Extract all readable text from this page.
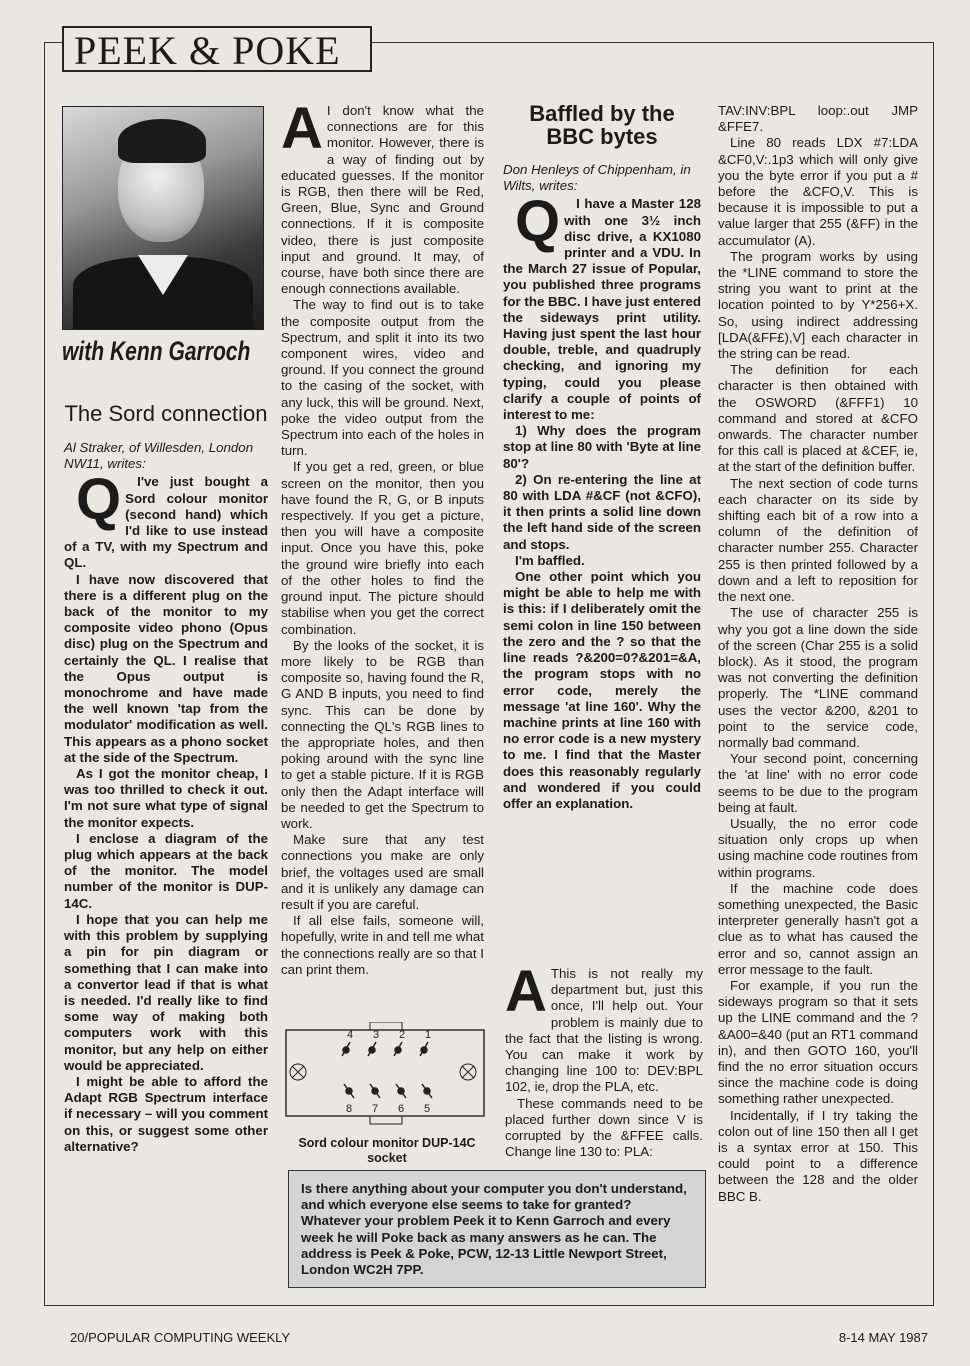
PEEK & POKE
with Kenn Garroch
The Sord connection

Al Straker, of Willesden, London NW11, writes:

Q I've just bought a Sord colour monitor (second hand) which I'd like to use instead of a TV, with my Spectrum and QL.

I have now discovered that there is a different plug on the back of the monitor to my composite video phono (Opus disc) plug on the Spectrum and certainly the QL. I realise that the Opus output is monochrome and have made the well known 'tap from the modulator' modification as well. This appears as a phono socket at the side of the Spectrum.

As I got the monitor cheap, I was too thrilled to check it out. I'm not sure what type of signal the monitor expects.

I enclose a diagram of the plug which appears at the back of the monitor. The model number of the monitor is DUP-14C.

I hope that you can help me with this problem by supplying a pin for pin diagram or something that I can make into a convertor lead if that is what is needed. I'd really like to find some way of making both computers work with this monitor, but any help on either would be appreciated.

I might be able to afford the Adapt RGB Spectrum interface if necessary – will you comment on this, or suggest some other alternative?

A I don't know what the connections are for this monitor. However, there is a way of finding out by educated guesses. If the monitor is RGB, then there will be Red, Green, Blue, Sync and Ground connections. If it is composite video, there is just composite input and ground. It may, of course, have both since there are enough connections available.

The way to find out is to take the composite output from the Spectrum, and split it into its two component wires, video and ground. If you connect the ground to the casing of the socket, with any luck, this will be ground. Next, poke the video output from the Spectrum into each of the holes in turn.

If you get a red, green, or blue screen on the monitor, then you have found the R, G, or B inputs respectively. If you get a picture, then you will have a composite input. Once you have this, poke the ground wire briefly into each of the other holes to find the ground input. The picture should stabilise when you get the correct combination.

By the looks of the socket, it is more likely to be RGB than composite so, having found the R, G AND B inputs, you need to find sync. This can be done by connecting the QL's RGB lines to the appropriate holes, and then poking around with the sync line to get a stable picture. If it is RGB only then the Adapt interface will be needed to get the Spectrum to work.

Make sure that any test connections you make are only brief, the voltages used are small and it is unlikely any damage can result if you are careful.

If all else fails, someone will, hopefully, write in and tell me what the connections really are so that I can print them.

4 3 2 1
8 7 6 5
Sord colour monitor DUP-14C socket
Baffled by the BBC bytes

Don Henleys of Chippenham, in Wilts, writes:

Q I have a Master 128 with one 3½ inch disc drive, a KX1080 printer and a VDU. In the March 27 issue of Popular, you published three programs for the BBC. I have just entered the sideways print utility. Having just spent the last hour double, treble, and quadruply checking, and ignoring my typing, could you please clarify a couple of points of interest to me:

1) Why does the program stop at line 80 with 'Byte at line 80'?

2) On re-entering the line at 80 with LDA #&CF (not &CFO), it then prints a solid line down the left hand side of the screen and stops.

I'm baffled.

One other point which you might be able to help me with is this: if I deliberately omit the semi colon in line 150 between the zero and the ? so that the line reads ?&200=0?&201=&A, the program stops with no error code, merely the message 'at line 160'. Why the machine prints at line 160 with no error code is a new mystery to me. I find that the Master does this reasonably regularly and wondered if you could offer an explanation.

A This is not really my department but, just this once, I'll help out. Your problem is mainly due to the fact that the listing is wrong. You can make it work by changing line 100 to: DEV:BPL 102, ie, drop the PLA, etc.

These commands need to be placed further down since V is corrupted by the &FFEE calls. Change line 130 to: PLA:

TAV:INV:BPL loop:.out JMP &FFE7.

Line 80 reads LDX #7:LDA &CF0,V:.1p3 which will only give you the byte error if you put a # before the &CFO,V. This is because it is impossible to put a value larger that 255 (&FF) in the accumulator (A).

The program works by using the *LINE command to store the string you want to print at the location pointed to by Y*256+X. So, using indirect addressing [LDA(&FF£),V] each character in the string can be read.

The definition for each character is then obtained with the OSWORD (&FFF1) 10 command and stored at &CFO onwards. The character number for this call is placed at &CEF, ie, at the start of the definition buffer.

The next section of code turns each character on its side by shifting each bit of a row into a column of the definition of character number 255. Character 255 is then printed followed by a down and a left to reposition for the next one.

The use of character 255 is why you got a line down the side of the screen (Char 255 is a solid block). As it stood, the program was not converting the definition properly. The *LINE command uses the vector &200, &201 to point to the service code, normally bad command.

Your second point, concerning the 'at line' with no error code seems to be due to the program being at fault.

Usually, the no error code situation only crops up when using machine code routines from within programs.

If the machine code does something unexpected, the Basic interpreter generally hasn't got a clue as to what has caused the error and so, cannot assign an error message to the fault.

For example, if you run the sideways program so that it sets up the LINE command and the ?&A00=&40 (put an RT1 command in), and then GOTO 160, you'll find the no error situation occurs since the machine code is doing something rather unexpected.

Incidentally, if I try taking the colon out of line 150 then all I get is a syntax error at 150. This could point to a difference between the 128 and the older BBC B.

Is there anything about your computer you don't understand, and which everyone else seems to take for granted? Whatever your problem Peek it to Kenn Garroch and every week he will Poke back as many answers as he can. The address is Peek & Poke, PCW, 12-13 Little Newport Street, London WC2H 7PP.

20/POPULAR COMPUTING WEEKLY	8-14 MAY 1987
